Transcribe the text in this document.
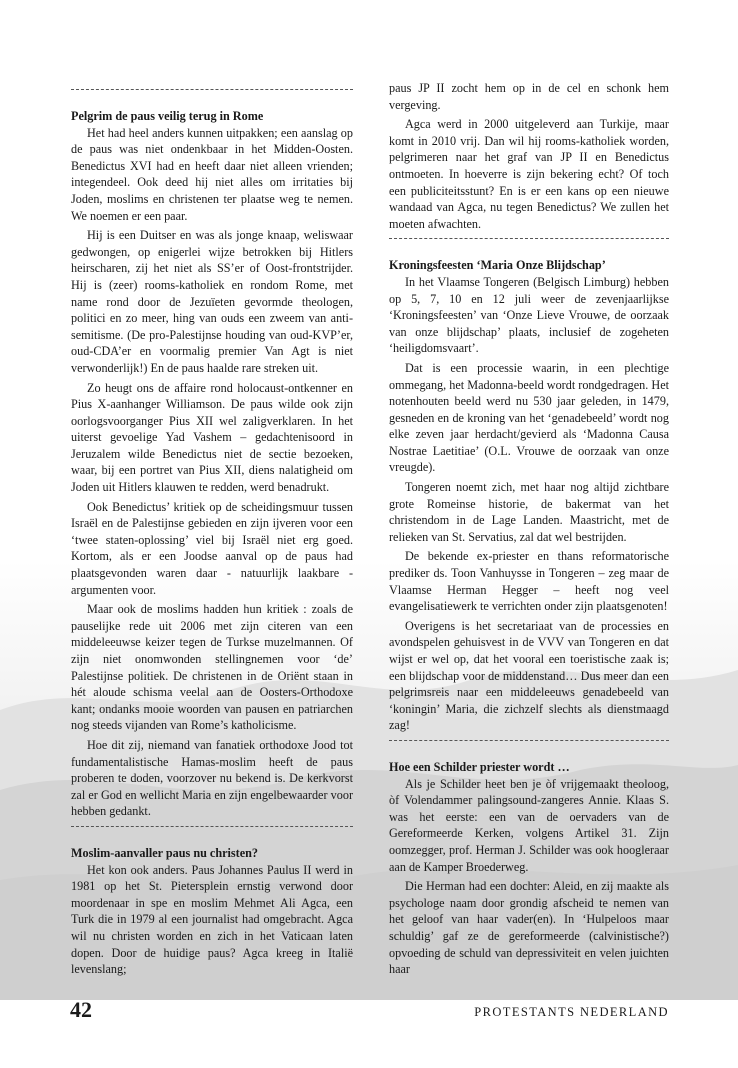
Pelgrim de paus veilig terug in Rome

Het had heel anders kunnen uitpakken; een aanslag op de paus was niet ondenkbaar in het Midden-Oosten. Benedictus XVI had en heeft daar niet alleen vrienden; integendeel. Ook deed hij niet alles om irritaties bij Joden, moslims en christenen ter plaatse weg te nemen. We noemen er een paar.

Hij is een Duitser en was als jonge knaap, weliswaar gedwongen, op enigerlei wijze betrokken bij Hitlers heirscharen, zij het niet als SS’er of Oost-frontstrijder. Hij is (zeer) rooms-katholiek en rondom Rome, met name rond door de Jezuïeten gevormde theologen, politici en zo meer, hing van ouds een zweem van anti-semitisme. (De pro-Palestijnse houding van oud-KVP’er, oud-CDA’er en voormalig premier Van Agt is niet verwonderlijk!) En de paus haalde rare streken uit.

Zo heugt ons de affaire rond holocaust-ontkenner en Pius X-aanhanger Williamson. De paus wilde ook zijn oorlogsvoorganger Pius XII wel zaligverklaren. In het uiterst gevoelige Yad Vashem – gedachtenisoord in Jeruzalem wilde Benedictus niet de sectie bezoeken, waar, bij een portret van Pius XII, diens nalatigheid om Joden uit Hitlers klauwen te redden, werd benadrukt.

Ook Benedictus’ kritiek op de scheidingsmuur tussen Israël en de Palestijnse gebieden en zijn ijveren voor een ‘twee staten-oplossing’ viel bij Israël niet erg goed. Kortom, als er een Joodse aanval op de paus had plaatsgevonden waren daar - natuurlijk laakbare - argumenten voor.

Maar ook de moslims hadden hun kritiek : zoals de pauselijke rede uit 2006 met zijn citeren van een middeleeuwse keizer tegen de Turkse muzelmannen. Of zijn niet onomwonden stellingnemen voor ‘de’ Palestijnse politiek. De christenen in de Oriënt staan in hét aloude schisma veelal aan de Oosters-Orthodoxe kant; ondanks mooie woorden van pausen en patriarchen nog steeds vijanden van Rome’s katholicisme.

Hoe dit zij, niemand van fanatiek orthodoxe Jood tot fundamentalistische Hamas-moslim heeft de paus proberen te doden, voorzover nu bekend is. De kerkvorst zal er God en wellicht Maria en zijn engelbewaarder voor hebben gedankt.

Moslim-aanvaller paus nu christen?

Het kon ook anders. Paus Johannes Paulus II werd in 1981 op het St. Pietersplein ernstig verwond door moordenaar in spe en moslim Mehmet Ali Agca, een Turk die in 1979 al een journalist had omgebracht. Agca wil nu christen worden en zich in het Vaticaan laten dopen. Door de huidige paus? Agca kreeg in Italië levenslang;

paus JP II zocht hem op in de cel en schonk hem vergeving.

Agca werd in 2000 uitgeleverd aan Turkije, maar komt in 2010 vrij. Dan wil hij rooms-katholiek worden, pelgrimeren naar het graf van JP II en Benedictus ontmoeten. In hoeverre is zijn bekering echt? Of toch een publiciteitsstunt? En is er een kans op een nieuwe wandaad van Agca, nu tegen Benedictus? We zullen het moeten afwachten.

Kroningsfeesten ‘Maria Onze Blijdschap’

In het Vlaamse Tongeren (Belgisch Limburg) hebben op 5, 7, 10 en 12 juli weer de zevenjaarlijkse ‘Kroningsfeesten’ van ‘Onze Lieve Vrouwe, de oorzaak van onze blijdschap’ plaats, inclusief de zogeheten ‘heiligdomsvaart’.

Dat is een processie waarin, in een plechtige ommegang, het Madonna-beeld wordt rondgedragen. Het notenhouten beeld werd nu 530 jaar geleden, in 1479, gesneden en de kroning van het ‘genadebeeld’ wordt nog elke zeven jaar herdacht/gevierd als ‘Madonna Causa Nostrae Laetitiae’ (O.L. Vrouwe de oorzaak van onze vreugde).

Tongeren noemt zich, met haar nog altijd zichtbare grote Romeinse historie, de bakermat van het christendom in de Lage Landen. Maastricht, met de relieken van St. Servatius, zal dat wel bestrijden.

De bekende ex-priester en thans reformatorische prediker ds. Toon Vanhuysse in Tongeren – zeg maar de Vlaamse Herman Hegger – heeft nog veel evangelisatiewerk te verrichten onder zijn plaatsgenoten!

Overigens is het secretariaat van de processies en avondspelen gehuisvest in de VVV van Tongeren en dat wijst er wel op, dat het vooral een toeristische zaak is; een blijdschap voor de middenstand… Dus meer dan een pelgrimsreis naar een middeleeuws genadebeeld van ‘koningin’ Maria, die zichzelf slechts als dienstmaagd zag!

Hoe een Schilder priester wordt …

Als je Schilder heet ben je òf vrijgemaakt theoloog, òf Volendammer palingsound-zangeres Annie. Klaas S. was het eerste: een van de oervaders van de Gereformeerde Kerken, volgens Artikel 31. Zijn oomzegger, prof. Herman J. Schilder was ook hoogleraar aan de Kamper Broederweg.

Die Herman had een dochter: Aleid, en zij maakte als psychologe naam door grondig afscheid te nemen van het geloof van haar vader(en). In ‘Hulpeloos maar schuldig’ gaf ze de gereformeerde (calvinistische?) opvoeding de schuld van depressiviteit en velen juichten haar

42	PROTESTANTS NEDERLAND
